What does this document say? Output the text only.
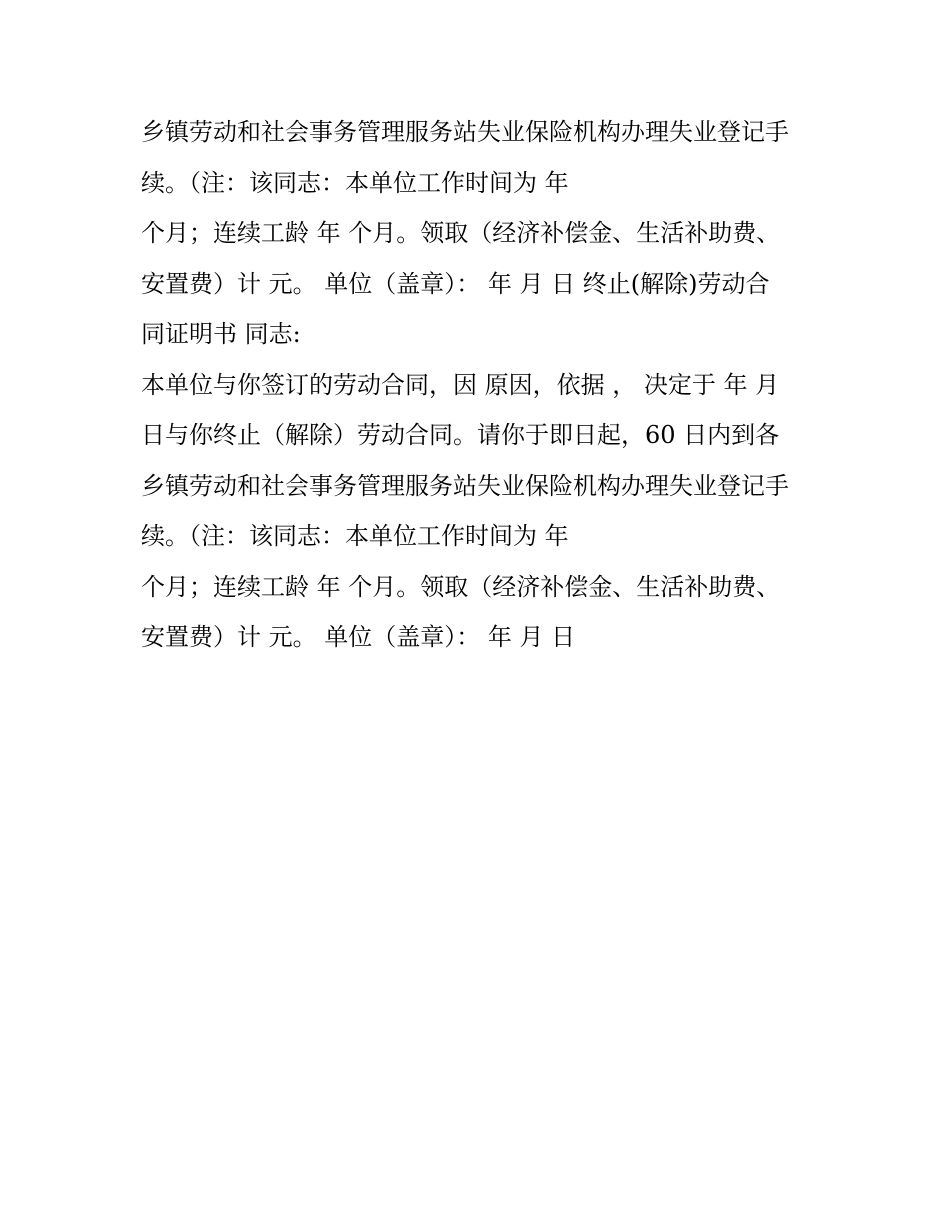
乡镇劳动和社会事务管理服务站失业保险机构办理失业登记手
续。（注：该同志：本单位工作时间为 年
个月；连续工龄 年 个月。领取（经济补偿金、生活补助费、
安置费）计 元。 单位（盖章）： 年 月 日 终止(解除)劳动合
同证明书 同志:
本单位与你签订的劳动合同，因 原因，依据 ， 决定于 年 月
日与你终止（解除）劳动合同。请你于即日起，60 日内到各
乡镇劳动和社会事务管理服务站失业保险机构办理失业登记手
续。（注：该同志：本单位工作时间为 年
个月；连续工龄 年 个月。领取（经济补偿金、生活补助费、
安置费）计 元。 单位（盖章）： 年 月 日
